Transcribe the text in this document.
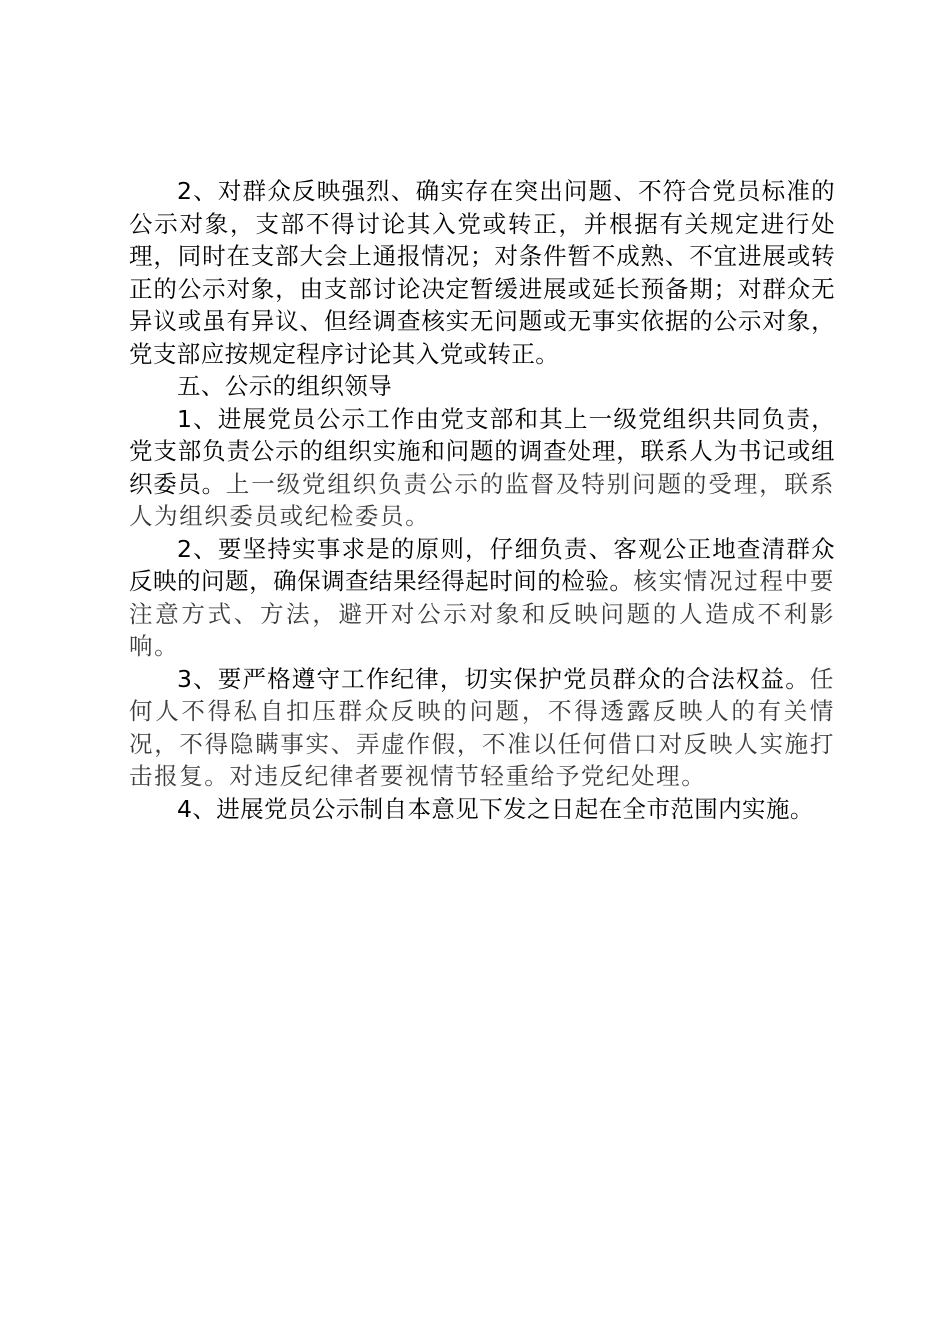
2、对群众反映强烈、确实存在突出问题、不符合党员标准的公示对象，支部不得讨论其入党或转正，并根据有关规定进行处理，同时在支部大会上通报情况；对条件暂不成熟、不宜进展或转正的公示对象，由支部讨论决定暂缓进展或延长预备期；对群众无异议或虽有异议、但经调查核实无问题或无事实依据的公示对象，党支部应按规定程序讨论其入党或转正。

五、公示的组织领导

1、进展党员公示工作由党支部和其上一级党组织共同负责，党支部负责公示的组织实施和问题的调查处理，联系人为书记或组织委员。上一级党组织负责公示的监督及特别问题的受理，联系人为组织委员或纪检委员。

2、要坚持实事求是的原则，仔细负责、客观公正地查清群众反映的问题，确保调查结果经得起时间的检验。核实情况过程中要注意方式、方法，避开对公示对象和反映问题的人造成不利影响。

3、要严格遵守工作纪律，切实保护党员群众的合法权益。任何人不得私自扣压群众反映的问题，不得透露反映人的有关情况，不得隐瞒事实、弄虚作假，不准以任何借口对反映人实施打击报复。对违反纪律者要视情节轻重给予党纪处理。

4、进展党员公示制自本意见下发之日起在全市范围内实施。
